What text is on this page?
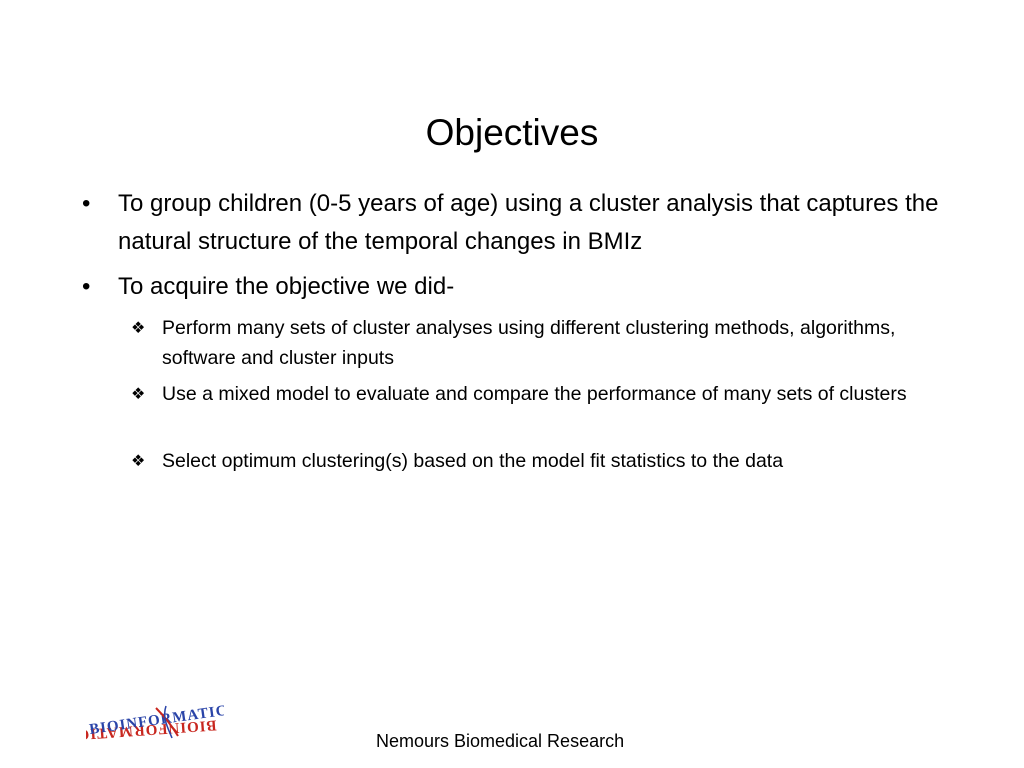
Objectives
•	To group children (0-5 years of age) using a cluster analysis that captures the natural structure of the temporal changes in BMIz
•	To acquire the objective we did-
❖ Perform many sets of cluster analyses using different clustering methods, algorithms, software and cluster inputs
❖ Use a mixed model to evaluate and compare the performance of many sets of clusters
❖ Select optimum clustering(s) based on the model fit statistics to the data
BIOINFORMATICS
BIOINFORMATICS
Nemours Biomedical Research
